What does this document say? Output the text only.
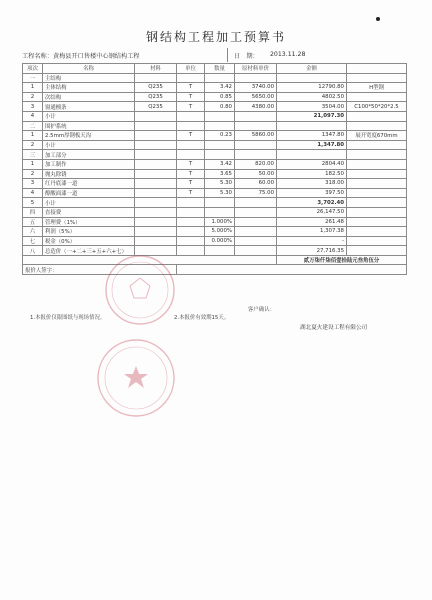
钢结构工程加工预算书
工程名称：黄梅县开口售楼中心钢结构工程	日　期： 2013.11.28
项次	名称	材料	单位	数量	原材料单价	金额	
一	主结构						
1	主体结构	Q235	T	3.42	3740.00	12790.80	H型钢
2	次结构	Q235	T	0.85	5650.00	4802.50	
3	窗通檩条	Q235	T	0.80	4380.00	3504.00	C100*50*20*2.5
4	小计					21,097.30	
二	围护系统						
1	2.5mm厚钢板天沟		T	0.23	5860.00	1347.80	展开宽度670mm
2	小计					1,347.80	
三	加工部分						
1	加工制作		T	3.42	820.00	2804.40	
2	抛丸除锈		T	3.65	50.00	182.50	
3	红丹底漆一道		T	5.30	60.00	318.00	
4	醇酸面漆一道		T	5.30	75.00	397.50	
5	小计					3,702.40	
四	直接费					26,147.50	
五	管理费（1%）			1.000%		261.48	
六	利润（5%）			5.000%		1,307.38	
七	税金（0%）			0.000%		-	
八	总造价（一+二+三+五+六+七）					27,716.35	
						贰万柒仟柒佰壹拾陆元叁角伍分	
报价人签字：							
1.本报价仅限图纸与现场情况。	2.本报价有效期15天。
客户确认：
湖北夏火建设工程有限公司
